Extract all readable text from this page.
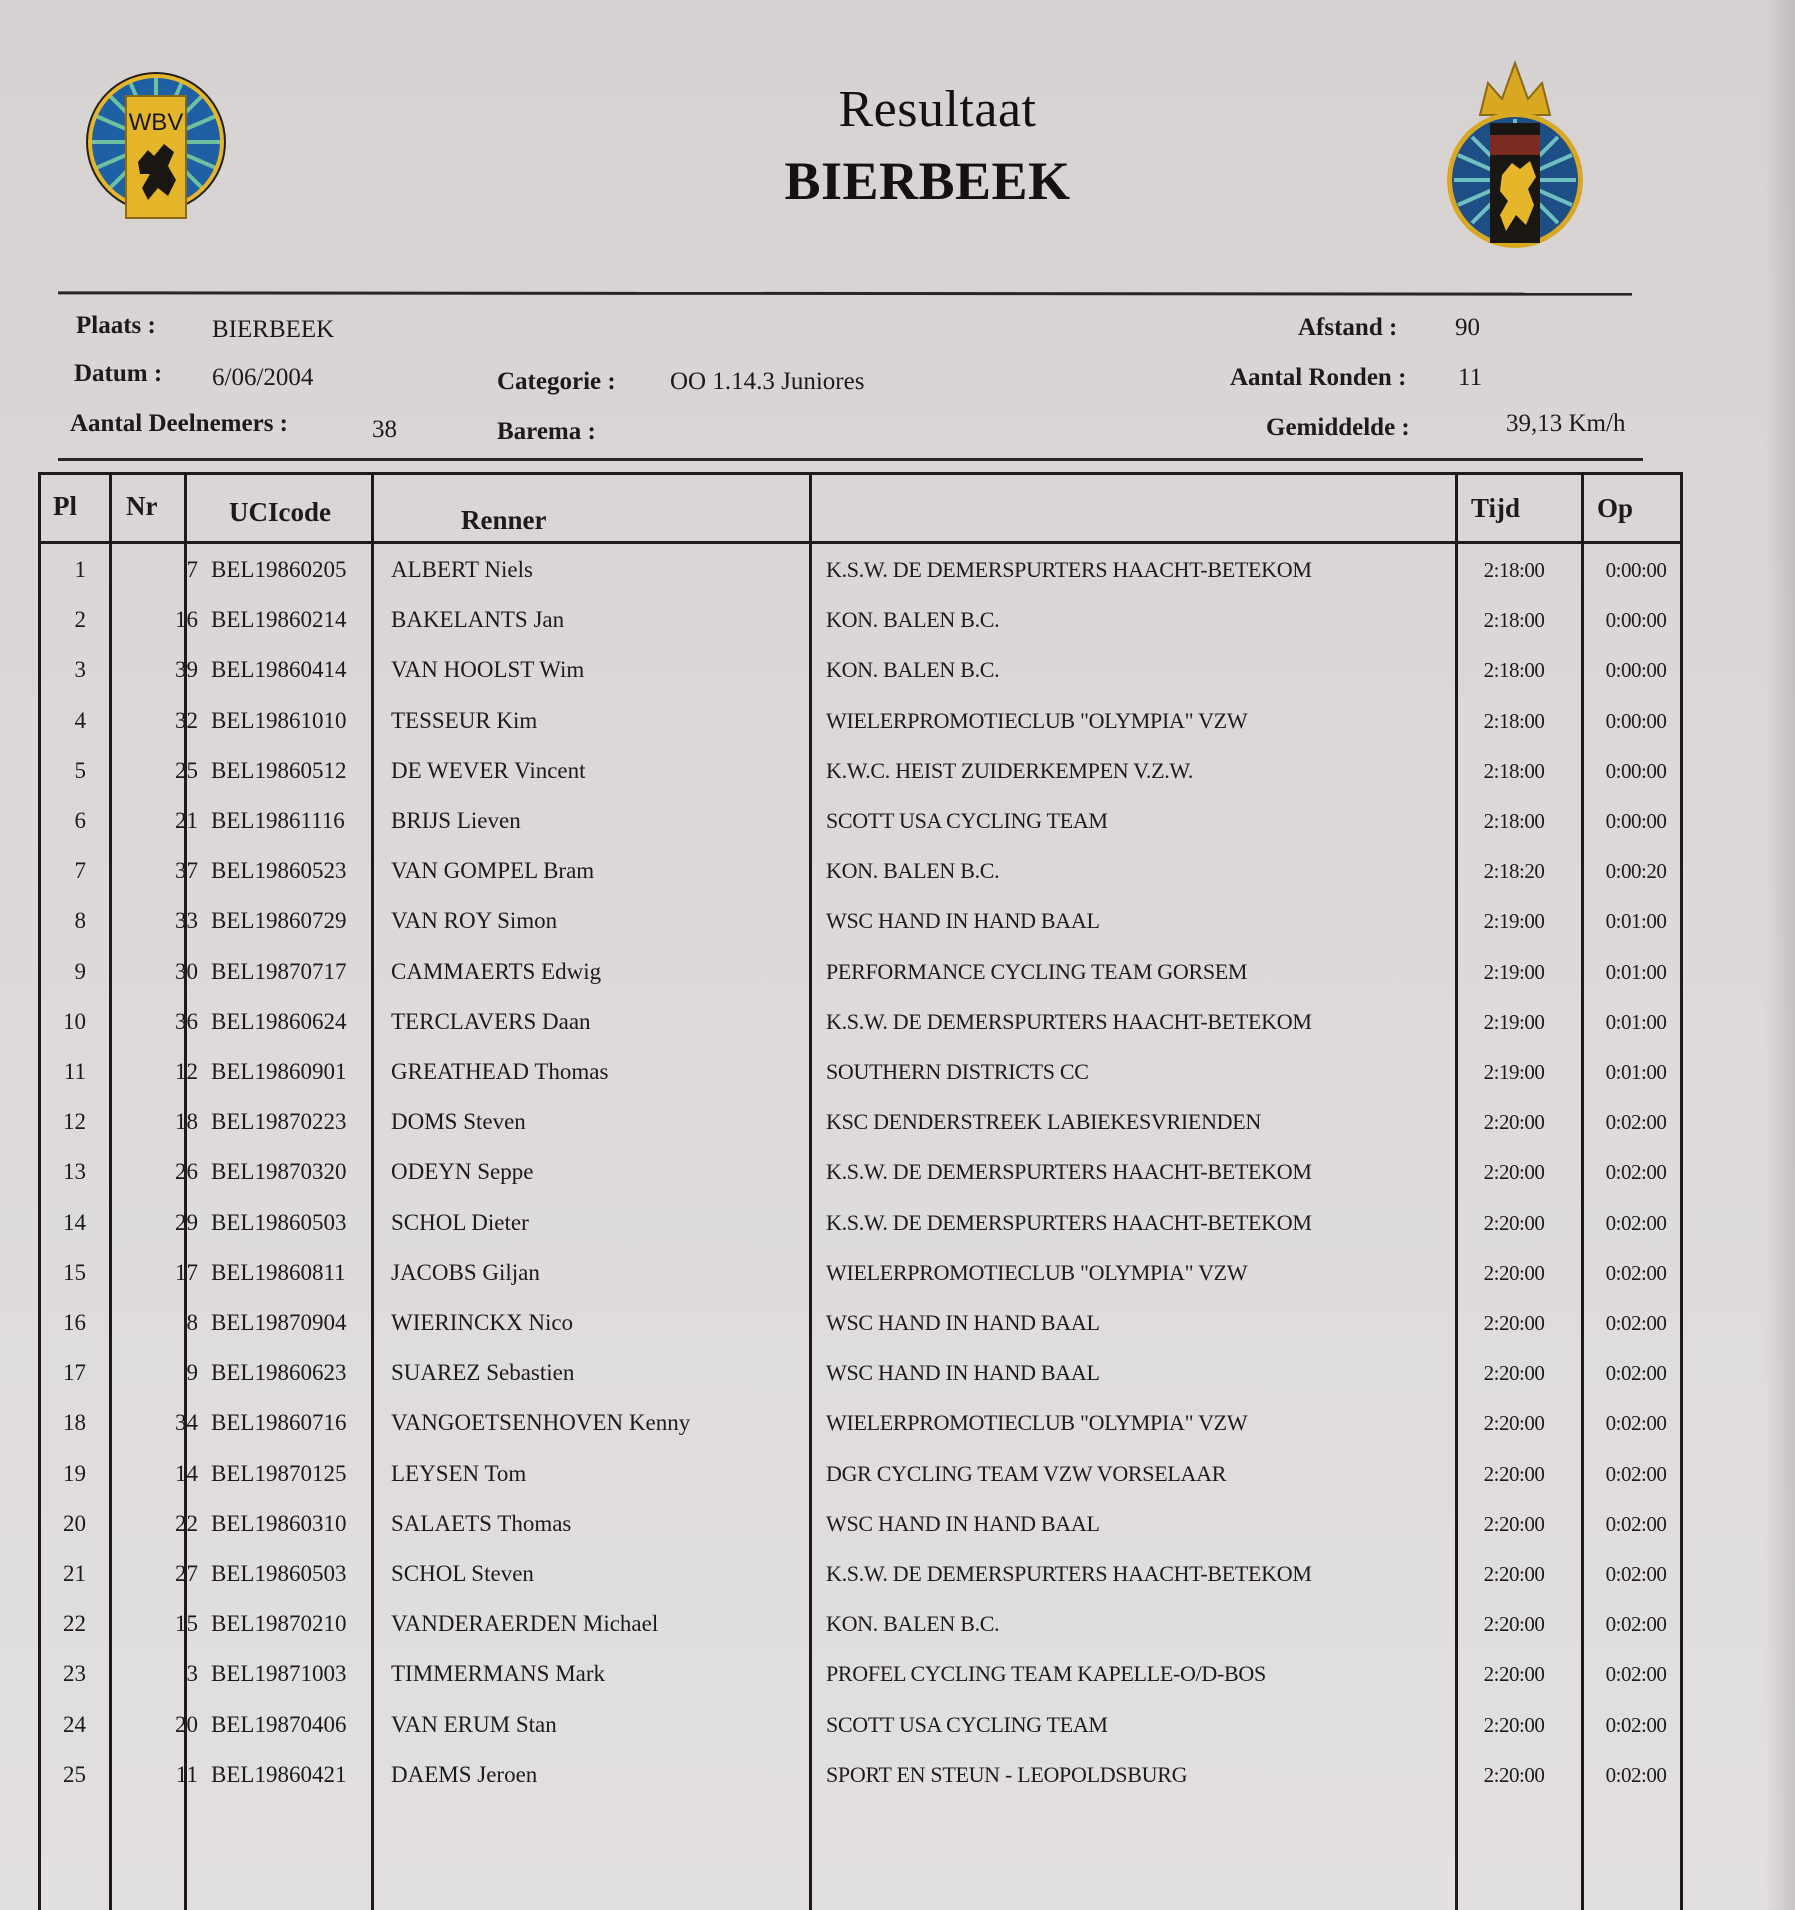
WBV	Resultaat
BIERBEEK
Plaats : BIERBEEK
Datum : 6/06/2004
Aantal Deelnemers :	38
Categorie : OO 1.14.3 Juniores
Barema :
Afstand : 90
Aantal Ronden : 11
Gemiddelde :	39,13 Km/h
Pl Nr	UCIcode	Renner	Tijd	Op
1	7 BEL19860205	ALBERT Niels	K.S.W. DE DEMERSPURTERS HAACHT-BETEKOM	2:18:00	0:00:00
2	16 BEL19860214	BAKELANTS Jan	KON. BALEN B.C.	2:18:00	0:00:00
3	39 BEL19860414	VAN HOOLST Wim	KON. BALEN B.C.	2:18:00	0:00:00
4	32 BEL19861010	TESSEUR Kim	WIELERPROMOTIECLUB "OLYMPIA" VZW	2:18:00	0:00:00
5	25 BEL19860512	DE WEVER Vincent	K.W.C. HEIST ZUIDERKEMPEN V.Z.W.	2:18:00	0:00:00
6	21 BEL19861116	BRIJS Lieven	SCOTT USA CYCLING TEAM	2:18:00	0:00:00
7	37 BEL19860523	VAN GOMPEL Bram	KON. BALEN B.C.	2:18:20	0:00:20
8	33 BEL19860729	VAN ROY Simon	WSC HAND IN HAND BAAL	2:19:00	0:01:00
9	30 BEL19870717	CAMMAERTS Edwig	PERFORMANCE CYCLING TEAM GORSEM	2:19:00	0:01:00
10	36 BEL19860624	TERCLAVERS Daan	K.S.W. DE DEMERSPURTERS HAACHT-BETEKOM	2:19:00	0:01:00
11	12 BEL19860901	GREATHEAD Thomas	SOUTHERN DISTRICTS CC	2:19:00	0:01:00
12	18 BEL19870223	DOMS Steven	KSC DENDERSTREEK LABIEKESVRIENDEN	2:20:00	0:02:00
13	26 BEL19870320	ODEYN Seppe	K.S.W. DE DEMERSPURTERS HAACHT-BETEKOM	2:20:00	0:02:00
14	29 BEL19860503	SCHOL Dieter	K.S.W. DE DEMERSPURTERS HAACHT-BETEKOM	2:20:00	0:02:00
15	17 BEL19860811	JACOBS Giljan	WIELERPROMOTIECLUB "OLYMPIA" VZW	2:20:00	0:02:00
16	8 BEL19870904	WIERINCKX Nico	WSC HAND IN HAND BAAL	2:20:00	0:02:00
17	9 BEL19860623	SUAREZ Sebastien	WSC HAND IN HAND BAAL	2:20:00	0:02:00
18	34 BEL19860716	VANGOETSENHOVEN Kenny	WIELERPROMOTIECLUB "OLYMPIA" VZW	2:20:00	0:02:00
19	14 BEL19870125	LEYSEN Tom	DGR CYCLING TEAM VZW VORSELAAR	2:20:00	0:02:00
20	22 BEL19860310	SALAETS Thomas	WSC HAND IN HAND BAAL	2:20:00	0:02:00
21	27 BEL19860503	SCHOL Steven	K.S.W. DE DEMERSPURTERS HAACHT-BETEKOM	2:20:00	0:02:00
22	15 BEL19870210	VANDERAERDEN Michael	KON. BALEN B.C.	2:20:00	0:02:00
23	3 BEL19871003	TIMMERMANS Mark	PROFEL CYCLING TEAM KAPELLE-O/D-BOS	2:20:00	0:02:00
24	20 BEL19870406	VAN ERUM Stan	SCOTT USA CYCLING TEAM	2:20:00	0:02:00
25	11 BEL19860421	DAEMS Jeroen	SPORT EN STEUN - LEOPOLDSBURG	2:20:00	0:02:00
